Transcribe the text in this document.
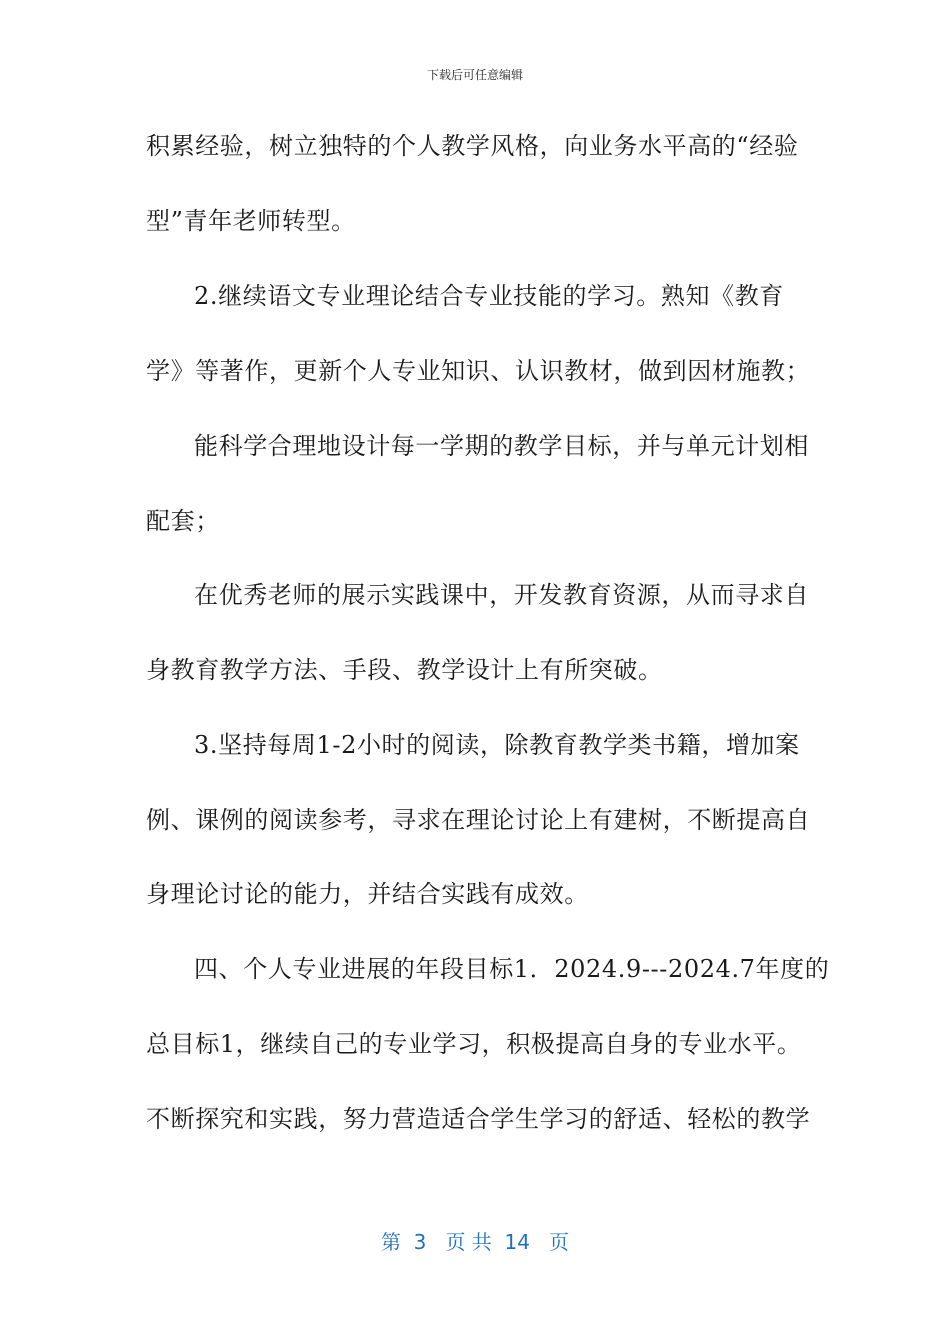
下载后可任意编辑
积累经验，树立独特的个人教学风格，向业务水平高的“经验
型”青年老师转型。
2.继续语文专业理论结合专业技能的学习。熟知《教育
学》等著作，更新个人专业知识、认识教材，做到因材施教；
能科学合理地设计每一学期的教学目标，并与单元计划相
配套；
在优秀老师的展示实践课中，开发教育资源，从而寻求自
身教育教学方法、手段、教学设计上有所突破。
3.坚持每周1-2小时的阅读，除教育教学类书籍，增加案
例、课例的阅读参考，寻求在理论讨论上有建树，不断提高自
身理论讨论的能力，并结合实践有成效。
四、个人专业进展的年段目标1．2024.9---2024.7年度的
总目标1，继续自己的专业学习，积极提高自身的专业水平。
不断探究和实践，努力营造适合学生学习的舒适、轻松的教学
第  3   页 共  14   页
